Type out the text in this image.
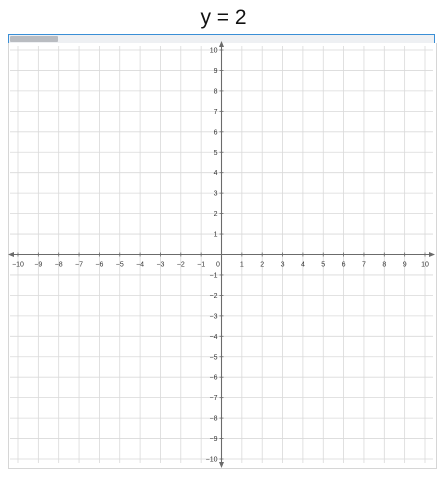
y = 2
−10 −9 −8 −7 −6 −5 −4 −3 −2 −1 0	1 2 3 4 5 6 7 8 9 10
−10
−9
−8
−7
−6
−5
−4
−3
−2
−1
1
2
3
4
5
6
7
8
9
10
